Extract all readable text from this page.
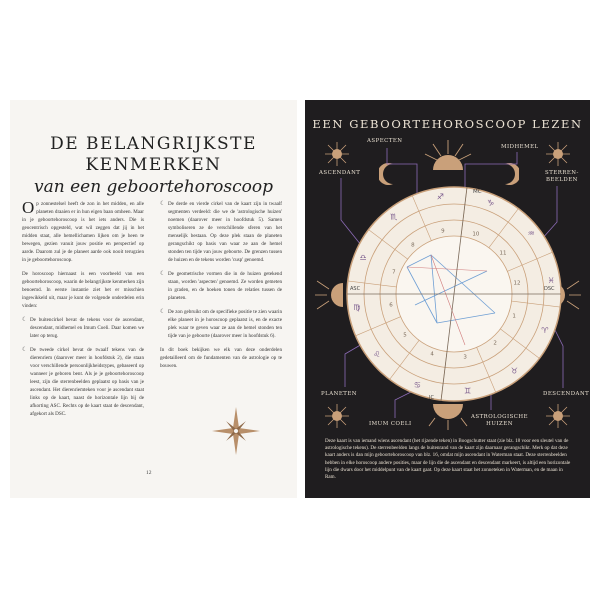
DE BELANGRIJKSTE
KENMERKEN
van een geboortehoroscoop

Op zonnestelsel heeft de zon in het midden, en alle planeten draaien er in hun eigen baan omheen. Maar in je geboortehoroscoop is het iets anders. Die is geocentrisch opgesteld, wat wil zeggen dat jij in het midden staat, alle hemellichamen lijken om je heen te bewegen, gezien vanuit jouw positie en perspectief op aarde. Daarom zul je de planeet aarde ook nooit terugzien in je geboortehoroscoop.

De horoscoop hiernaast is een voorbeeld van een geboortehoroscoop, waarin de belangrijkste kenmerken zijn benoemd. In eerste instantie ziet het er misschien ingewikkeld uit, maar je kunt de volgende onderdelen erin vinden:

☾ De buitencirkel bevat de tekens voor de ascendant, descendant, midhemel en Imum Coeli. Daar komen we later op terug.

☾ De tweede cirkel bevat de twaalf tekens van de dierenriem (daarover meer in hoofdstuk 2), die staan voor verschillende persoonlijkheidstypes, gebaseerd op wanneer je geboren bent. Als je je geboortehoroscoop leest, zijn die sterrenbeelden geplaatst op basis van je ascendant. Het dierenriemteken voor je ascendant staat links op de kaart, naast de horizontale lijn bij de afkorting ASC. Rechts op de kaart staat de descendant, afgekort als DSC.

☾ De derde en vierde cirkel van de kaart zijn in twaalf segmenten verdeeld: die we de 'astrologische huizen' noemen (daarover meer in hoofdstuk 5). Samen symboliseren ze de verschillende sferen van het menselijk bestaan. Op deze plek staan de planeten gerangschikt op basis van waar ze aan de hemel stonden ten tijde van jouw geboorte. De grenzen tussen de huizen en de tekens worden 'cusp' genoemd.

☾ De geometrische vormen die in de huizen getekend staan, worden 'aspecten' genoemd. Ze worden gemeten in graden, en de hoeken tonen de relaties tussen de planeten.

☾ De zon gebruikt om de specifieke positie te zien waarin elke planeet in je horoscoop geplaatst is, en de exacte plek waar te geven waar ze aan de hemel stonden ten tijde van je geboorte (daarover meer in hoofdstuk 6).

In dit boek bekijken we elk van deze onderdelen gedetailleerd om de fundamenten van de astrologie op te bouwen.

12
EEN GEBOORTEHOROSCOOP LEZEN
ASPECTEN
MIDHEMEL
ASCENDANT	STERREN-
BEELDEN
PLANETEN
IMUM COELI
ASTROLOGISCHE
HUIZEN
DESCENDANT
♈
♉
♊
♋
♌
♍
♎
♏
♐
♑
♒
♓
1
2
3
4
5
6
7
8
9	10
11
12
MC
ASC	DSC
IC
Deze kaart is van iemand wiens ascendant (het rijzende teken) in Boogschutter staat (zie blz. 18 voor een sleutel van de astrologische tekens). De sterrenbeelden langs de buitenrand van de kaart zijn daarnaar gerangschikt. Merk op dat deze kaart anders is dan mijn geboortehoroscoop van blz. 16, omdat mijn ascendant in Waterman staat. Deze sterrenbeelden hebben in elke horoscoop andere posities, maar de lijn die de ascendant en descendant markeert, is altijd een horizontale lijn die dwars door het middelpunt van de kaart gaat. Op deze kaart staat het zonneteken in Waterman, en de maan in Ram.
